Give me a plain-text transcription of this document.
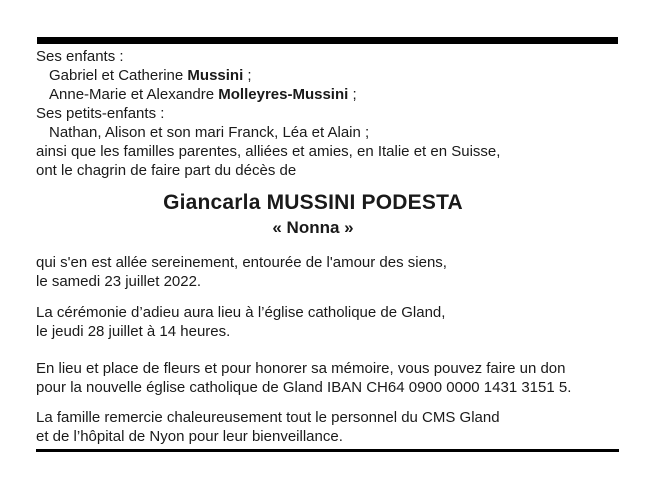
Ses enfants :
Gabriel et Catherine Mussini ;
Anne-Marie et Alexandre Molleyres-Mussini ;
Ses petits-enfants :
Nathan, Alison et son mari Franck, Léa et Alain ;
ainsi que les familles parentes, alliées et amies, en Italie et en Suisse,
ont le chagrin de faire part du décès de
Giancarla MUSSINI PODESTA
« Nonna »
qui s'en est allée sereinement, entourée de l'amour des siens,
le samedi 23 juillet 2022.
La cérémonie d’adieu aura lieu à l’église catholique de Gland,
le jeudi 28 juillet à 14 heures.
En lieu et place de fleurs et pour honorer sa mémoire, vous pouvez faire un don
pour la nouvelle église catholique de Gland IBAN CH64 0900 0000 1431 3151 5.
La famille remercie chaleureusement tout le personnel du CMS Gland
et de l’hôpital de Nyon pour leur bienveillance.
